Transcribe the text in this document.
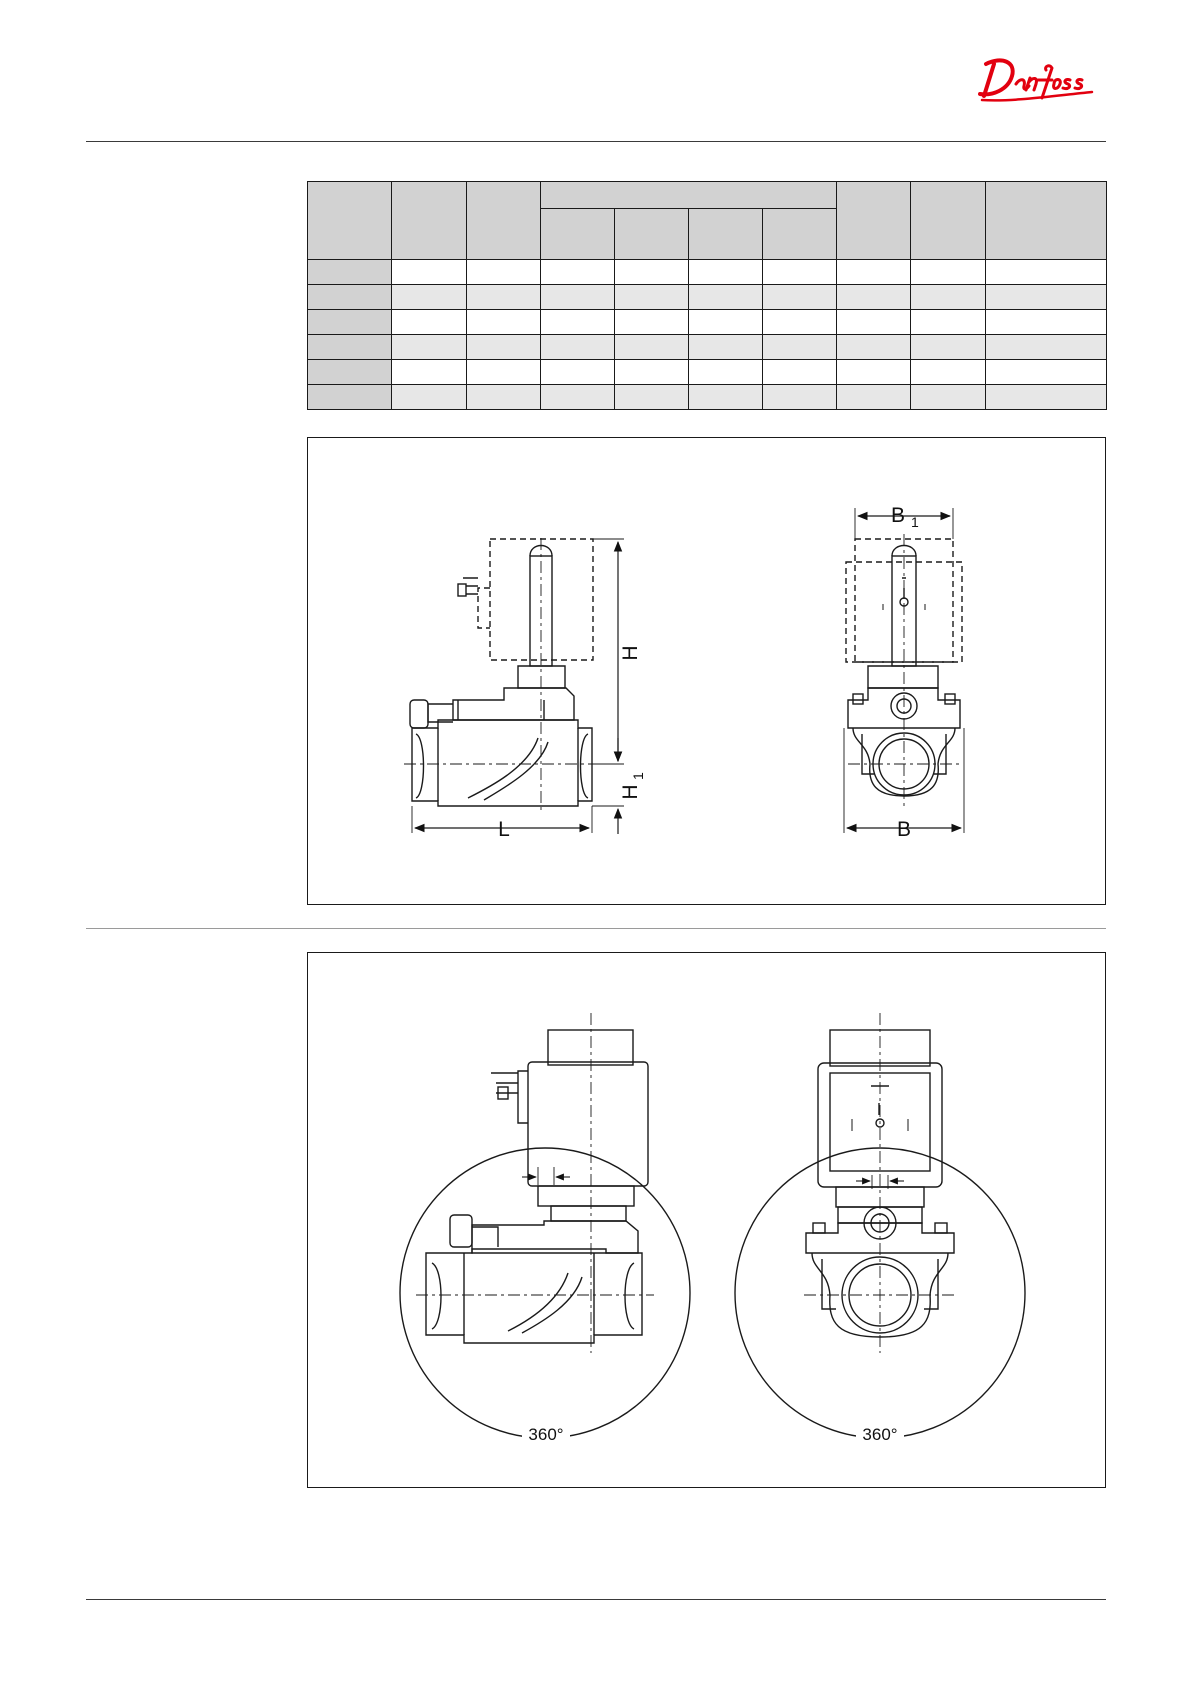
L
H
H
1
B 1
B
360°	360°
